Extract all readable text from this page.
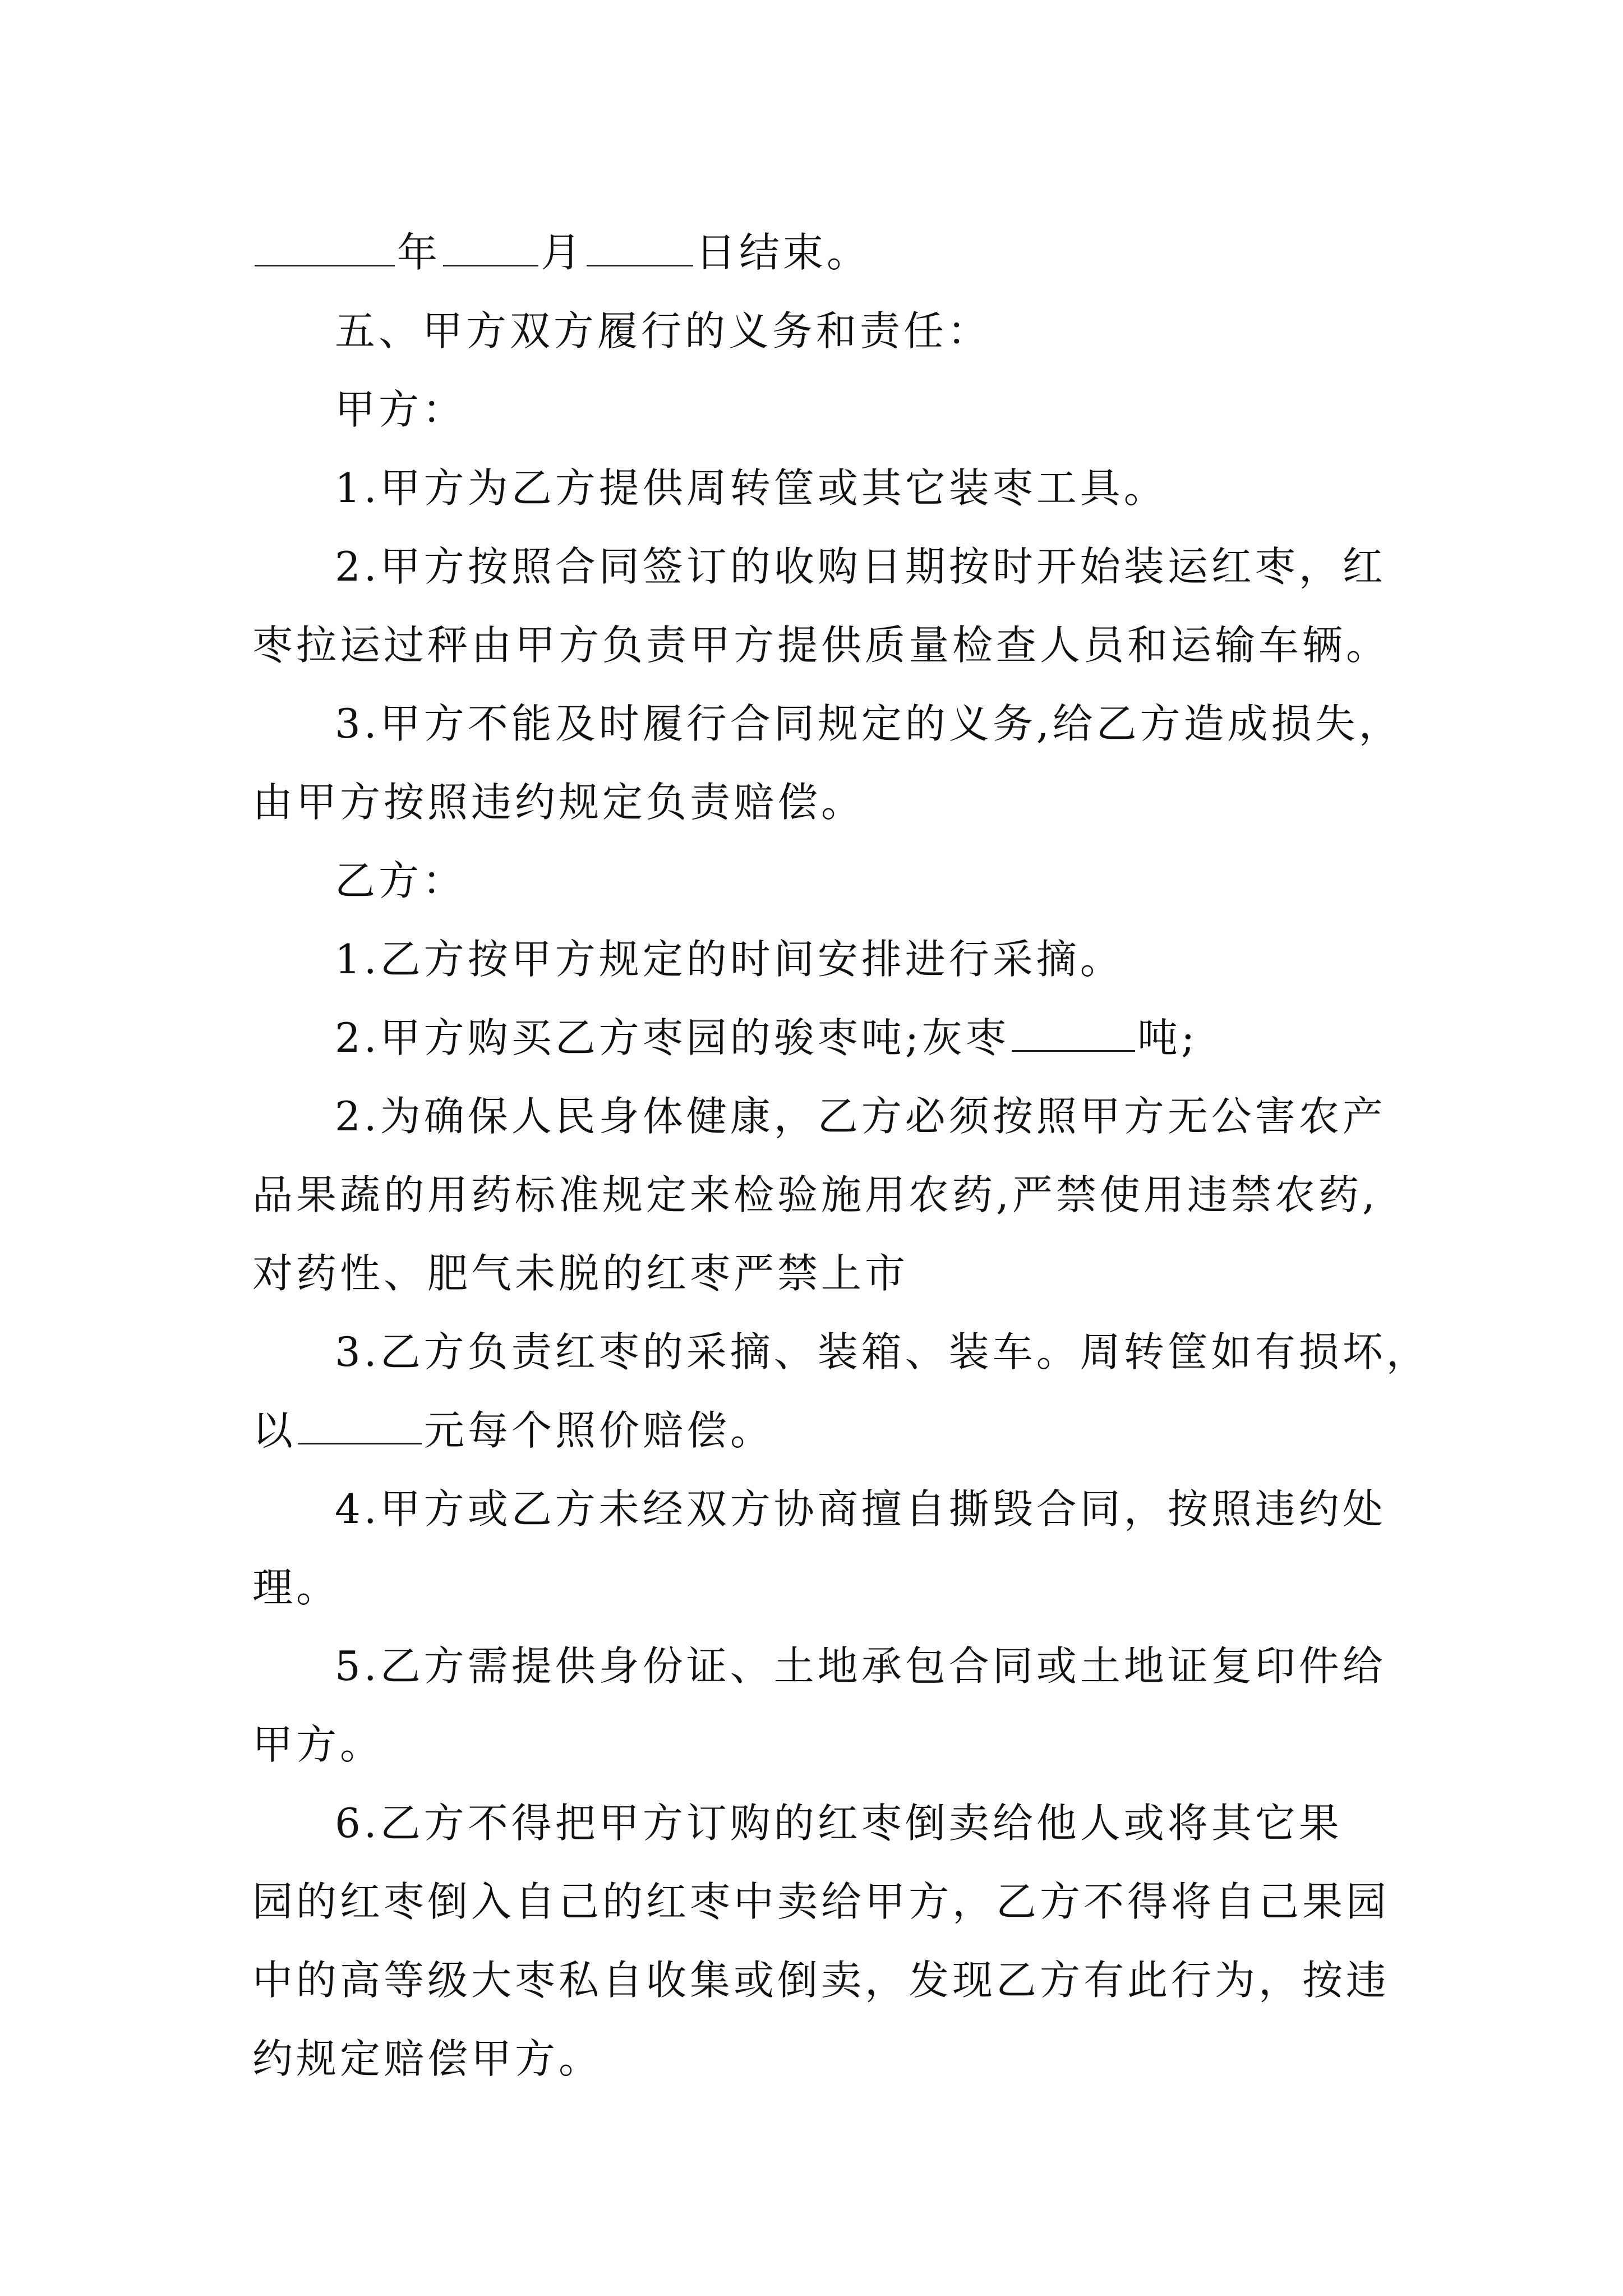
年 月	日结束。
五、甲方双方履行的义务和责任：
甲方：
1.甲方为乙方提供周转筐或其它装枣工具。
2.甲方按照合同签订的收购日期按时开始装运红枣，红
枣拉运过秤由甲方负责甲方提供质量检查人员和运输车辆。
3.甲方不能及时履行合同规定的义务,给乙方造成损失，
由甲方按照违约规定负责赔偿。
乙方：
1.乙方按甲方规定的时间安排进行采摘。
2.甲方购买乙方枣园的骏枣吨;灰枣	吨;
2.为确保人民身体健康，乙方必须按照甲方无公害农产
品果蔬的用药标准规定来检验施用农药,严禁使用违禁农药,
对药性、肥气未脱的红枣严禁上市
3.乙方负责红枣的采摘、装箱、装车。周转筐如有损坏，
以	元每个照价赔偿。
4.甲方或乙方未经双方协商擅自撕毁合同，按照违约处
理。
5.乙方需提供身份证、土地承包合同或土地证复印件给
甲方。
6.乙方不得把甲方订购的红枣倒卖给他人或将其它果
园的红枣倒入自己的红枣中卖给甲方，乙方不得将自己果园
中的高等级大枣私自收集或倒卖，发现乙方有此行为，按违
约规定赔偿甲方。
